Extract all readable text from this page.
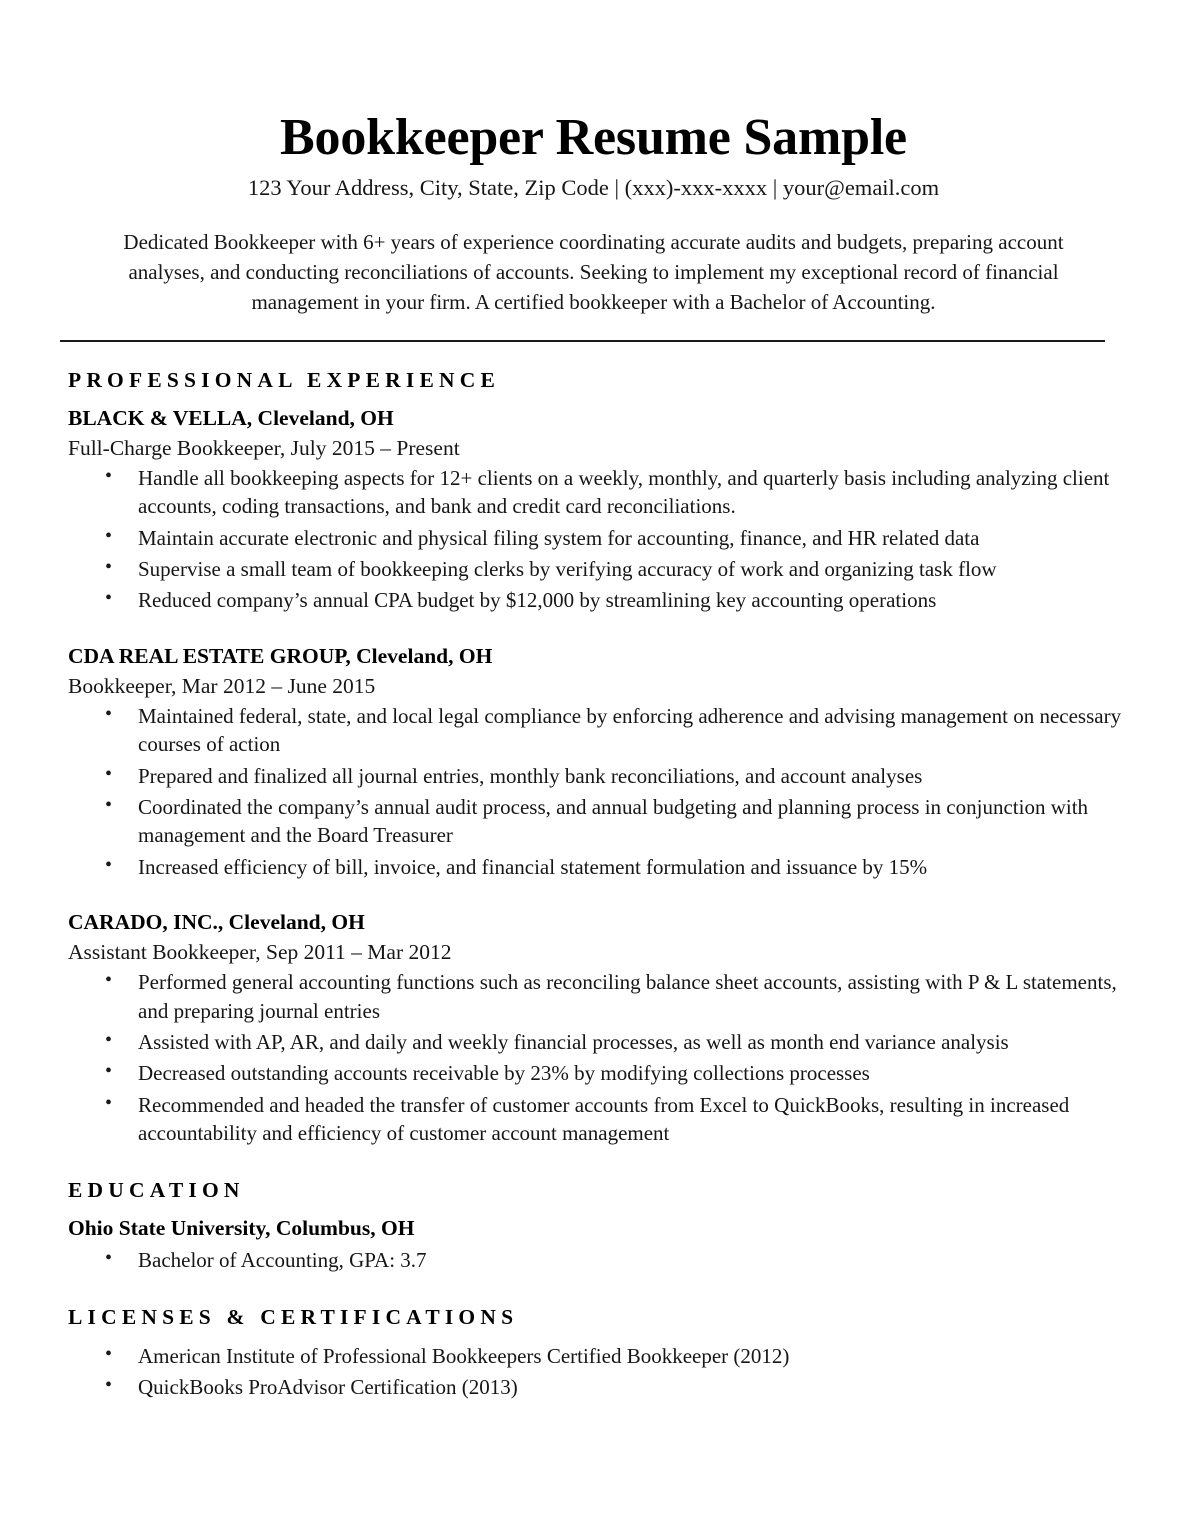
Bookkeeper Resume Sample
123 Your Address, City, State, Zip Code | (xxx)-xxx-xxxx | your@email.com
Dedicated Bookkeeper with 6+ years of experience coordinating accurate audits and budgets, preparing account analyses, and conducting reconciliations of accounts. Seeking to implement my exceptional record of financial management in your firm. A certified bookkeeper with a Bachelor of Accounting.
PROFESSIONAL EXPERIENCE
BLACK & VELLA, Cleveland, OH
Full-Charge Bookkeeper, July 2015 – Present
• Handle all bookkeeping aspects for 12+ clients on a weekly, monthly, and quarterly basis including analyzing client accounts, coding transactions, and bank and credit card reconciliations.
• Maintain accurate electronic and physical filing system for accounting, finance, and HR related data
• Supervise a small team of bookkeeping clerks by verifying accuracy of work and organizing task flow
• Reduced company’s annual CPA budget by $12,000 by streamlining key accounting operations
CDA REAL ESTATE GROUP, Cleveland, OH
Bookkeeper, Mar 2012 – June 2015
• Maintained federal, state, and local legal compliance by enforcing adherence and advising management on necessary courses of action
• Prepared and finalized all journal entries, monthly bank reconciliations, and account analyses
• Coordinated the company’s annual audit process, and annual budgeting and planning process in conjunction with management and the Board Treasurer
• Increased efficiency of bill, invoice, and financial statement formulation and issuance by 15%
CARADO, INC., Cleveland, OH
Assistant Bookkeeper, Sep 2011 – Mar 2012
• Performed general accounting functions such as reconciling balance sheet accounts, assisting with P & L statements, and preparing journal entries
• Assisted with AP, AR, and daily and weekly financial processes, as well as month end variance analysis
• Decreased outstanding accounts receivable by 23% by modifying collections processes
• Recommended and headed the transfer of customer accounts from Excel to QuickBooks, resulting in increased accountability and efficiency of customer account management
EDUCATION
Ohio State University, Columbus, OH
• Bachelor of Accounting, GPA: 3.7
LICENSES & CERTIFICATIONS
• American Institute of Professional Bookkeepers Certified Bookkeeper (2012)
• QuickBooks ProAdvisor Certification (2013)
